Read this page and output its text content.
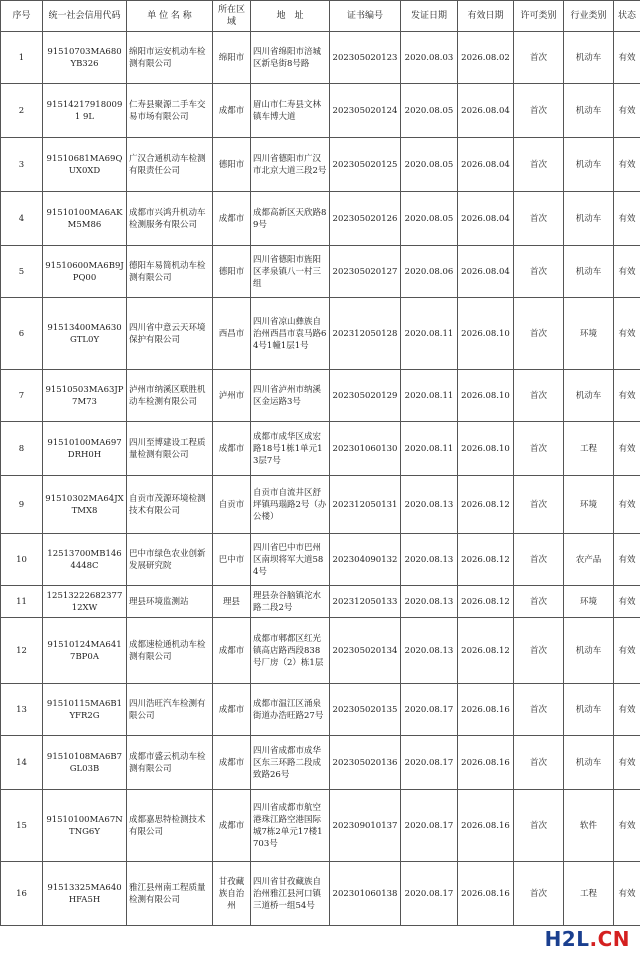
序号	统一社会信用代码	单 位 名 称	所在区域	地　址	证书编号	发证日期	有效日期	许可类别	行业类别	状态
1	91510703MA680YB326	绵阳市运安机动车检测有限公司	绵阳市	四川省绵阳市涪城区新皂街8号路	202305020123	2020.08.03	2026.08.02	首次	机动车	有效
2	915142179180091 9L	仁寿县聚源二手车交易市场有限公司	成都市	眉山市仁寿县文林镇车博大道	202305020124	2020.08.05	2026.08.04	首次	机动车	有效
3	91510681MA69QUX0XD	广汉合通机动车检测有限责任公司	德阳市	四川省德阳市广汉市北京大道三段2号	202305020125	2020.08.05	2026.08.04	首次	机动车	有效
4	91510100MA6AKM5M86	成都市兴鸿升机动车检测服务有限公司	成都市	成都高新区天欣路89号	202305020126	2020.08.05	2026.08.04	首次	机动车	有效
5	91510600MA6B9JPQ00	德阳车易简机动车检测有限公司	德阳市	四川省德阳市旌阳区孝泉镇八一村三组	202305020127	2020.08.06	2026.08.04	首次	机动车	有效
6	91513400MA630GTL0Y	四川省中意云天环境保护有限公司	西昌市	四川省凉山彝族自治州西昌市袁马路64号1幢1层1号	202312050128	2020.08.11	2026.08.10	首次	环境	有效
7	91510503MA63JP7M73	泸州市纳溪区联胜机动车检测有限公司	泸州市	四川省泸州市纳溪区金运路3号	202305020129	2020.08.11	2026.08.10	首次	机动车	有效
8	91510100MA697DRH0H	四川至博建设工程质量检测有限公司	成都市	成都市成华区成宏路18号1栋1单元13层7号	202301060130	2020.08.11	2026.08.10	首次	工程	有效
9	91510302MA64JXTMX8	自贡市茂源环境检测技术有限公司	自贡市	自贡市自流井区舒坪镇玛瑙路2号（办公楼）	202312050131	2020.08.13	2026.08.12	首次	环境	有效
10	12513700MB1464448C	巴中市绿色农业创新发展研究院	巴中市	四川省巴中市巴州区南坝将军大道584号	202304090132	2020.08.13	2026.08.12	首次	农产品	有效
11	12513222682377 12XW	理县环境监测站	理县	理县杂谷脑镇沱水路二段2号	202312050133	2020.08.13	2026.08.12	首次	环境	有效
12	91510124MA6417BP0A	成都速检通机动车检测有限公司	成都市	成都市郫都区红光镇高店路西段838号厂房（2）栋1层	202305020134	2020.08.13	2026.08.12	首次	机动车	有效
13	91510115MA6B1YFR2G	四川浩旺汽车检测有限公司	成都市	成都市温江区涌泉街道办浩旺路27号	202305020135	2020.08.17	2026.08.16	首次	机动车	有效
14	91510108MA6B7GL03B	成都市盛云机动车检测有限公司	成都市	四川省成都市成华区东三环路二段成致路26号	202305020136	2020.08.17	2026.08.16	首次	机动车	有效
15	91510100MA67NTNG6Y	成都嘉思特检测技术有限公司	成都市	四川省成都市航空港珠江路空港国际城7栋2单元17楼1703号	202309010137	2020.08.17	2026.08.16	首次	软件	有效
16	91513325MA640HFA5H	雅江县州南工程质量检测有限公司	甘孜藏族自治州	四川省甘孜藏族自治州雅江县河口镇三道桥一组54号	202301060138	2020.08.17	2026.08.16	首次	工程	有效
H2L.CN
